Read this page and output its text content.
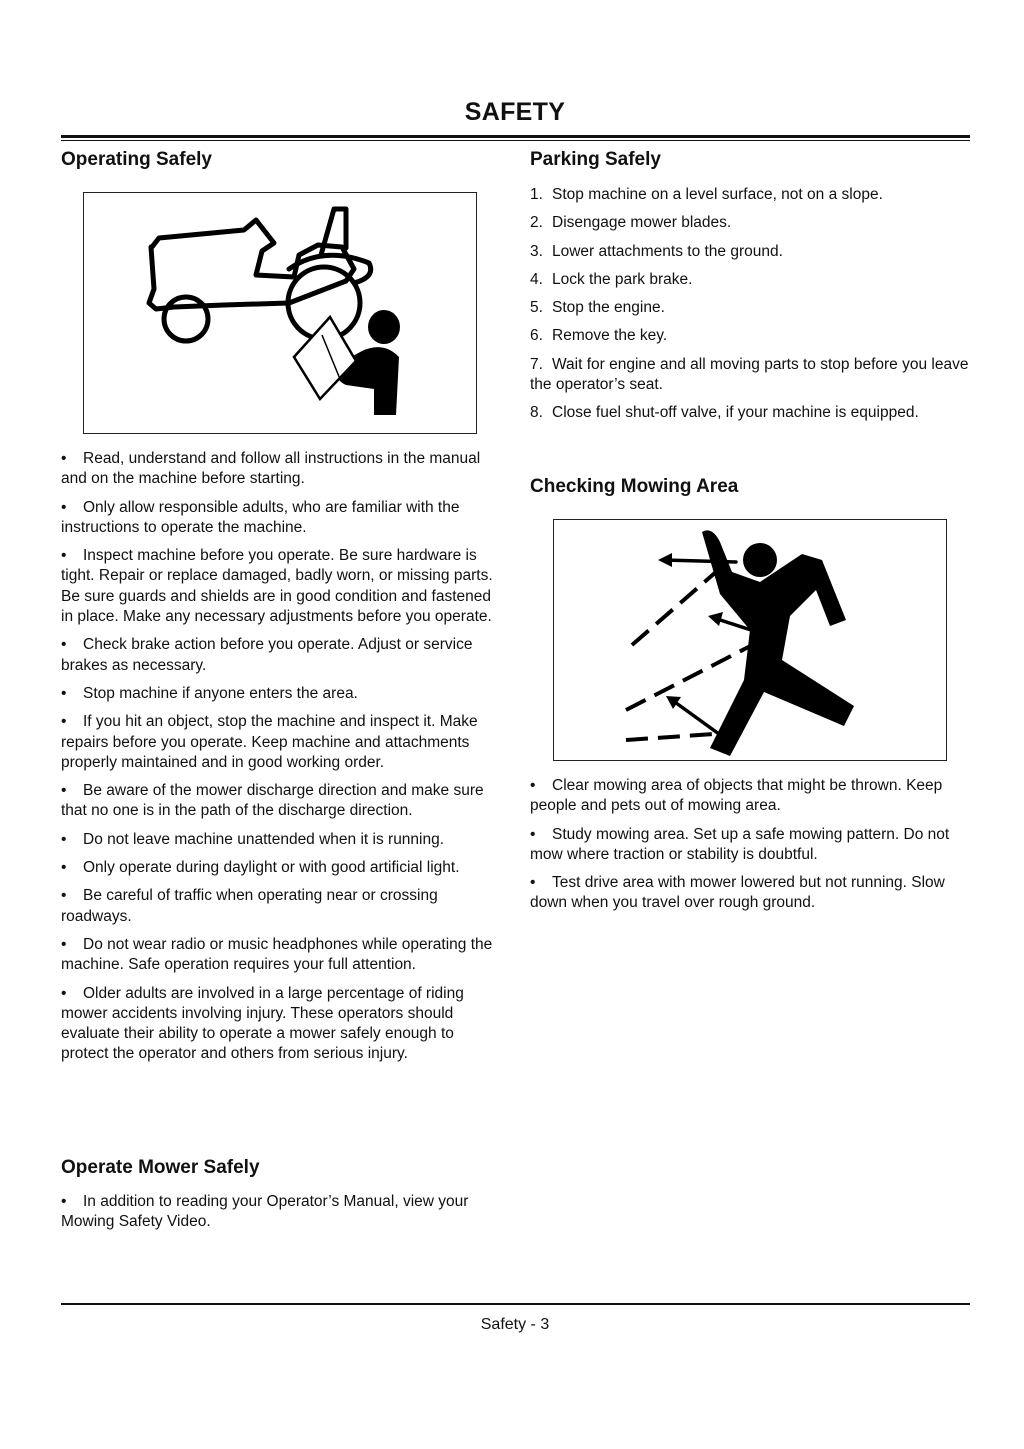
SAFETY
Operating Safely

• Read, understand and follow all instructions in the manual and on the machine before starting.

• Only allow responsible adults, who are familiar with the instructions to operate the machine.

• Inspect machine before you operate. Be sure hardware is tight. Repair or replace damaged, badly worn, or missing parts. Be sure guards and shields are in good condition and fastened in place. Make any necessary adjustments before you operate.

• Check brake action before you operate. Adjust or service brakes as necessary.

• Stop machine if anyone enters the area.

• If you hit an object, stop the machine and inspect it. Make repairs before you operate. Keep machine and attachments properly maintained and in good working order.

• Be aware of the mower discharge direction and make sure that no one is in the path of the discharge direction.

• Do not leave machine unattended when it is running.

• Only operate during daylight or with good artificial light.

• Be careful of traffic when operating near or crossing roadways.

• Do not wear radio or music headphones while operating the machine. Safe operation requires your full attention.

• Older adults are involved in a large percentage of riding mower accidents involving injury. These operators should evaluate their ability to operate a mower safely enough to protect the operator and others from serious injury.

Operate Mower Safely

• In addition to reading your Operator’s Manual, view your Mowing Safety Video.

Parking Safely

1. Stop machine on a level surface, not on a slope.

2. Disengage mower blades.

3. Lower attachments to the ground.

4. Lock the park brake.

5. Stop the engine.

6. Remove the key.

7. Wait for engine and all moving parts to stop before you leave the operator’s seat.

8. Close fuel shut-off valve, if your machine is equipped.

Checking Mowing Area

• Clear mowing area of objects that might be thrown. Keep people and pets out of mowing area.

• Study mowing area. Set up a safe mowing pattern. Do not mow where traction or stability is doubtful.

• Test drive area with mower lowered but not running. Slow down when you travel over rough ground.

Safety - 3
